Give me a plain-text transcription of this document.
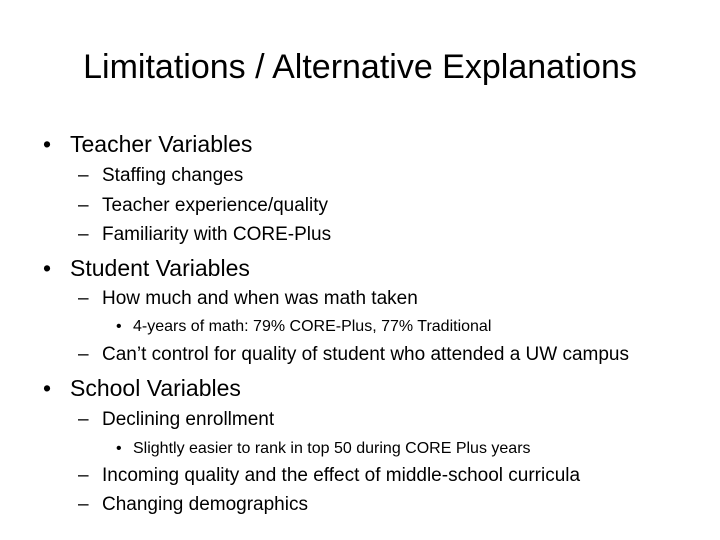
Limitations / Alternative Explanations
• Teacher Variables
– Staffing changes
– Teacher experience/quality
– Familiarity with CORE-Plus
• Student Variables
– How much and when was math taken
• 4-years of math: 79% CORE-Plus, 77% Traditional
– Can’t control for quality of student who attended a UW campus
• School Variables
– Declining enrollment
• Slightly easier to rank in top 50 during CORE Plus years
– Incoming quality and the effect of middle-school curricula
– Changing demographics
